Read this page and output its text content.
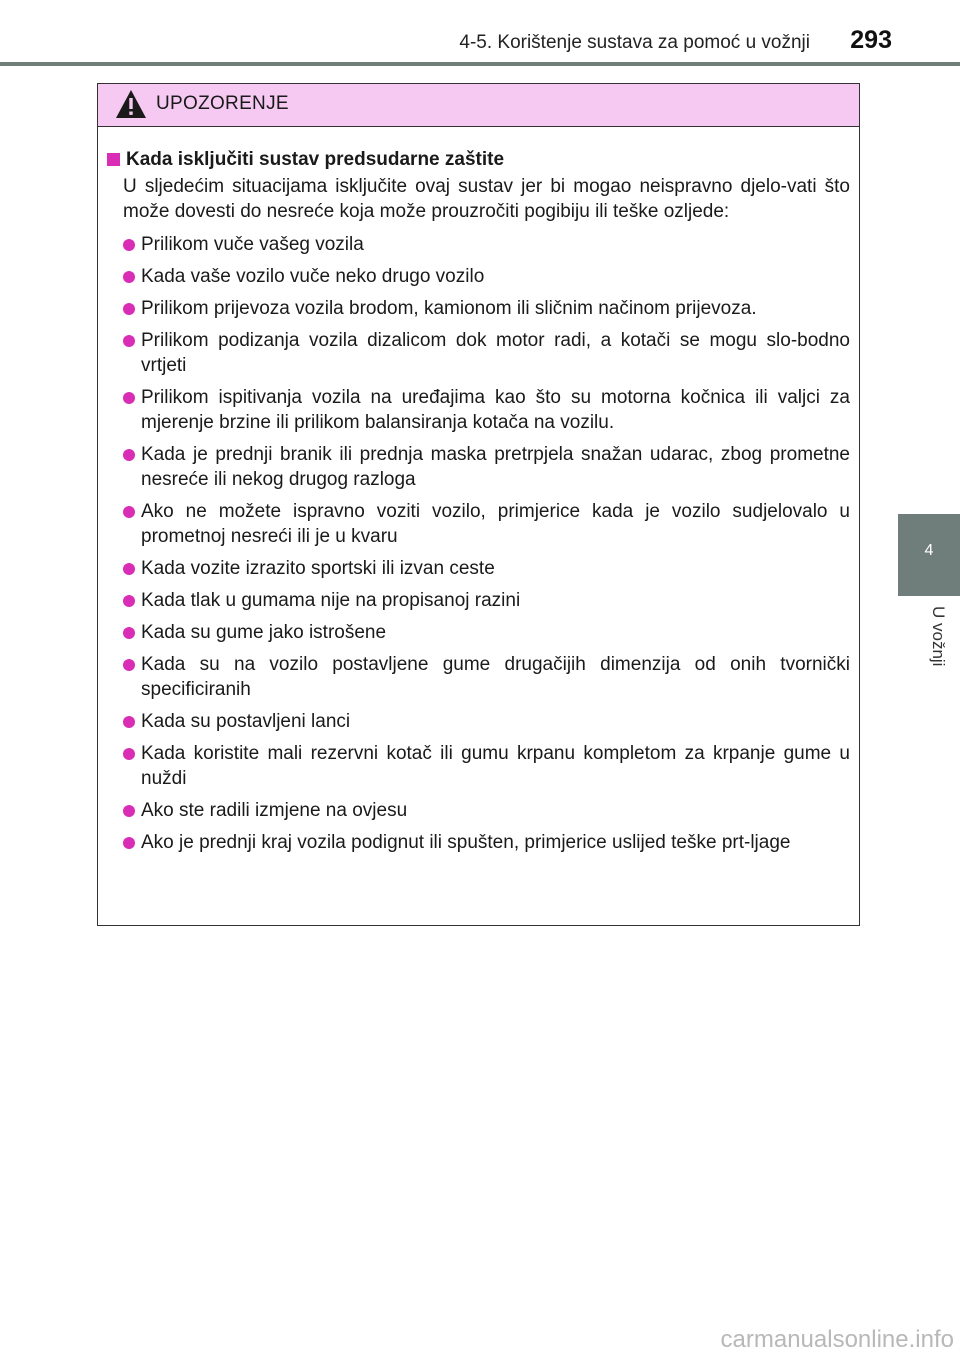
4-5. Korištenje sustava za pomoć u vožnji 293
4
U vožnji
UPOZORENJE
Kada isključiti sustav predsudarne zaštite
U sljedećim situacijama isključite ovaj sustav jer bi mogao neispravno djelo-vati što može dovesti do nesreće koja može prouzročiti pogibiju ili teške ozljede:
Prilikom vuče vašeg vozila
Kada vaše vozilo vuče neko drugo vozilo
Prilikom prijevoza vozila brodom, kamionom ili sličnim načinom prijevoza.
Prilikom podizanja vozila dizalicom dok motor radi, a kotači se mogu slo-bodno vrtjeti
Prilikom ispitivanja vozila na uređajima kao što su motorna kočnica ili valjci za mjerenje brzine ili prilikom balansiranja kotača na vozilu.
Kada je prednji branik ili prednja maska pretrpjela snažan udarac, zbog prometne nesreće ili nekog drugog razloga
Ako ne možete ispravno voziti vozilo, primjerice kada je vozilo sudjelovalo u prometnoj nesreći ili je u kvaru
Kada vozite izrazito sportski ili izvan ceste
Kada tlak u gumama nije na propisanoj razini
Kada su gume jako istrošene
Kada su na vozilo postavljene gume drugačijih dimenzija od onih tvornički specificiranih
Kada su postavljeni lanci
Kada koristite mali rezervni kotač ili gumu krpanu kompletom za krpanje gume u nuždi
Ako ste radili izmjene na ovjesu
Ako je prednji kraj vozila podignut ili spušten, primjerice uslijed teške prt-ljage
carmanualsonline.info
